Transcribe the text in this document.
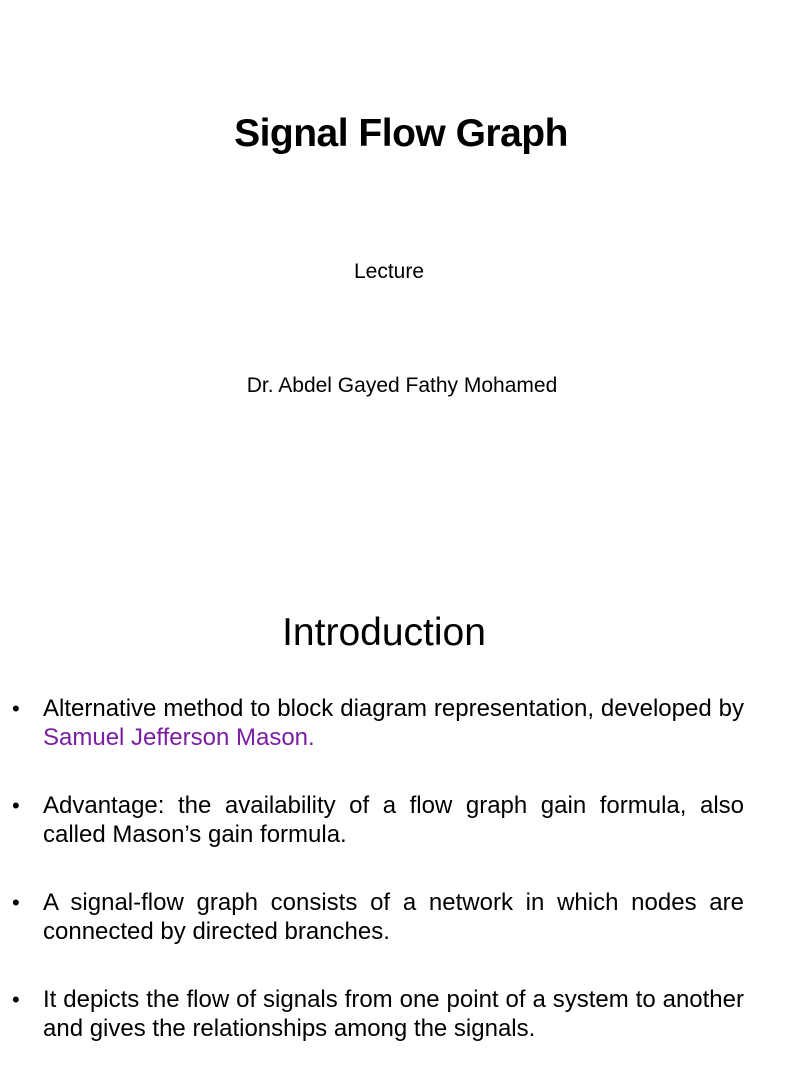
Signal Flow Graph

Lecture

Dr. Abdel Gayed Fathy Mohamed

Introduction
• Alternative method to block diagram representation, developed by Samuel Jefferson Mason.
• Advantage: the availability of a flow graph gain formula, also called Mason’s gain formula.
• A signal-flow graph consists of a network in which nodes are connected by directed branches.
• It depicts the flow of signals from one point of a system to another and gives the relationships among the signals.
